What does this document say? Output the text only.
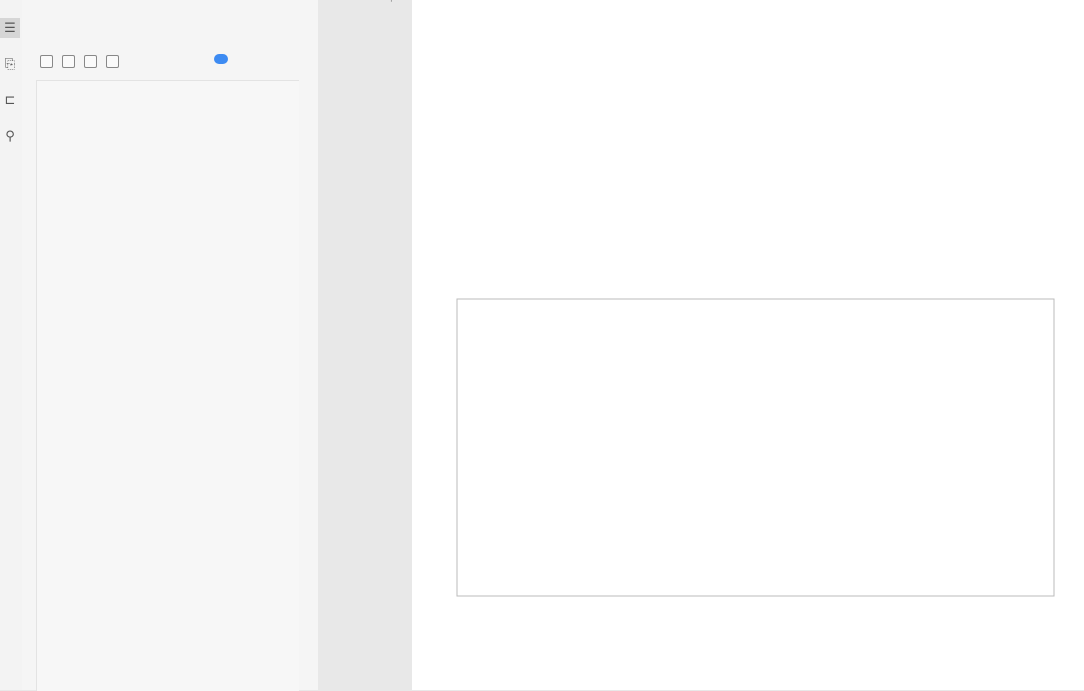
☰
⎘
⊏
⚲
⌐
